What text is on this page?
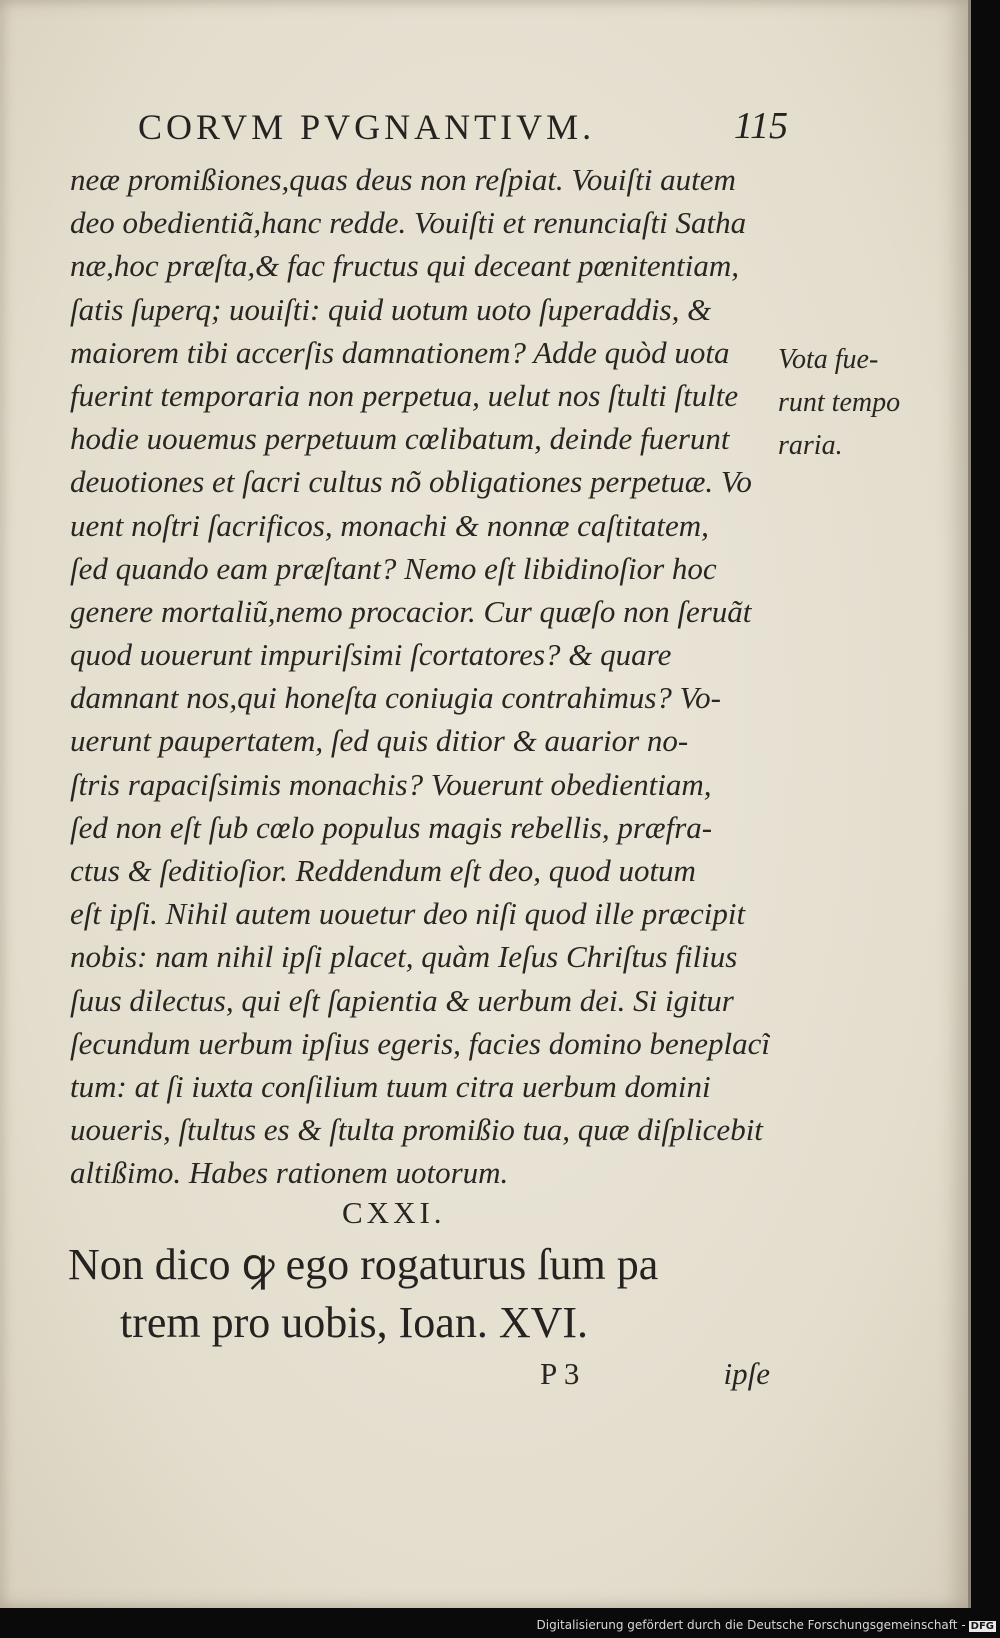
CORVM PVGNANTIVM.	115
neæ promißiones,quas deus non reſpiat. Vouiſti autem
deo obedientiã,hanc redde. Vouiſti et renunciaſti Satha
næ,hoc præſta,& fac fructus qui deceant pœnitentiam,
ſatis ſuperq; uouiſti: quid uotum uoto ſuperaddis, &
maiorem tibi accerſis damnationem? Adde quòd uota
fuerint temporaria non perpetua, uelut nos ſtulti ſtulte
hodie uouemus perpetuum cœlibatum, deinde fuerunt
deuotiones et ſacri cultus nõ obligationes perpetuæ. Vo
uent noſtri ſacrificos, monachi & nonnæ caſtitatem,
ſed quando eam præſtant? Nemo eſt libidinoſior hoc
genere mortaliũ,nemo procacior. Cur quæſo non ſeruãt
quod uouerunt impuriſsimi ſcortatores? & quare
damnant nos,qui honeſta coniugia contrahimus? Vo-
uerunt paupertatem, ſed quis ditior & auarior no-
ſtris rapaciſsimis monachis? Vouerunt obedientiam,
ſed non eſt ſub cœlo populus magis rebellis, præfra-
ctus & ſeditioſior. Reddendum eſt deo, quod uotum
eſt ipſi. Nihil autem uouetur deo niſi quod ille præcipit
nobis: nam nihil ipſi placet, quàm Ieſus Chriſtus filius
ſuus dilectus, qui eſt ſapientia & uerbum dei. Si igitur
ſecundum uerbum ipſius egeris, facies domino beneplacĩ
tum: at ſi iuxta conſilium tuum citra uerbum domini
uoueris, ſtultus es & ſtulta promißio tua, quæ diſplicebit
altißimo. Habes rationem uotorum.
Vota fue-
runt tempo
raria.
CXXI.
Non dico ꝙ ego rogaturus ſum pa
trem pro uobis, Ioan. XVI.
P 3	ipſe
Digitalisierung gefördert durch die Deutsche Forschungsgemeinschaft - DFG
